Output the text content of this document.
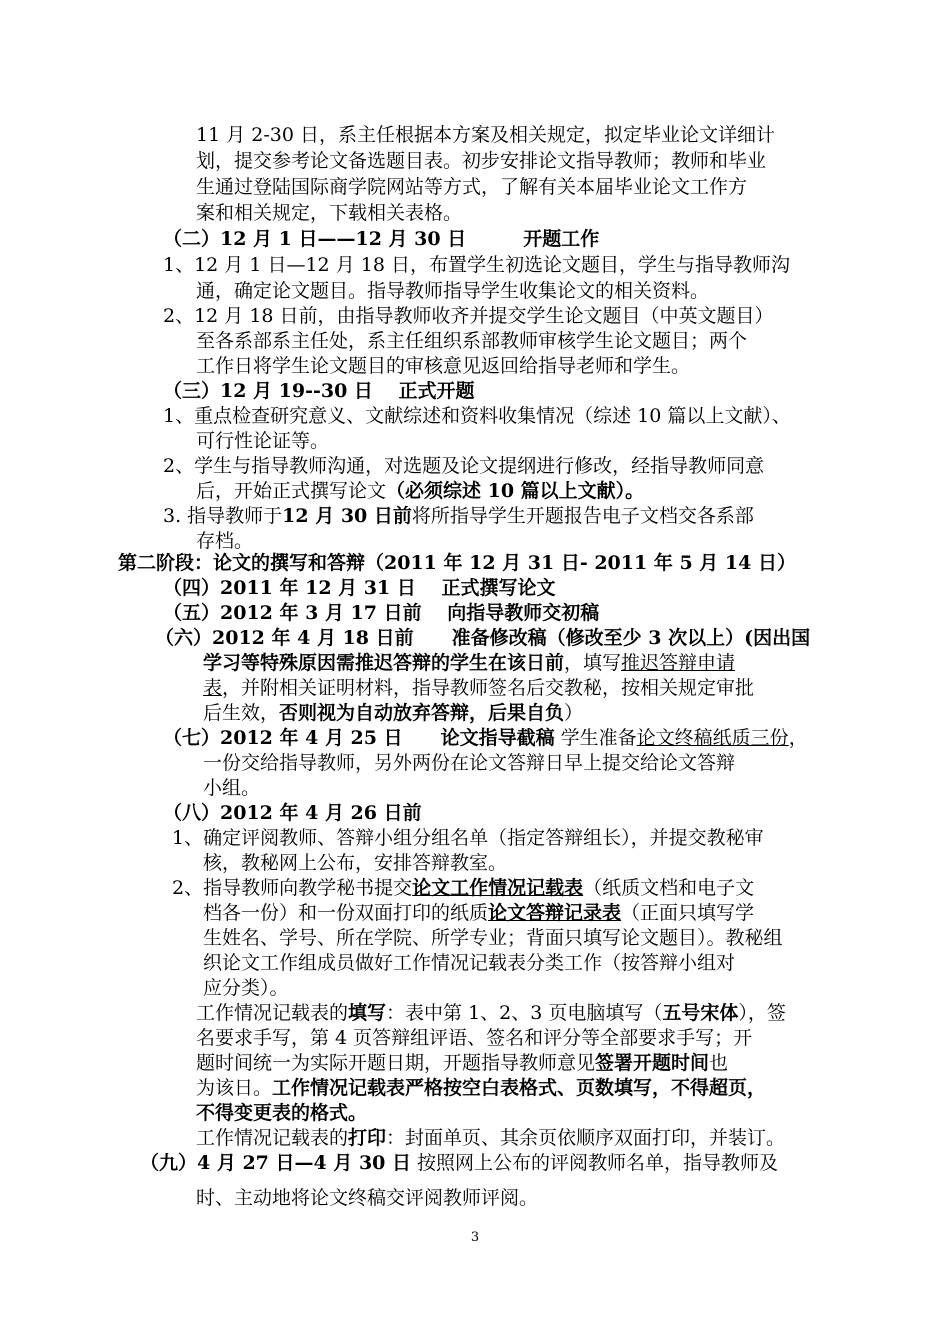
11 月 2-30 日，系主任根据本方案及相关规定，拟定毕业论文详细计
划，提交参考论文备选题目表。初步安排论文指导教师；教师和毕业
生通过登陆国际商学院网站等方式，了解有关本届毕业论文工作方
案和相关规定，下载相关表格。
（二）12 月 1 日——12 月 30 日　　　开题工作
1、12 月 1 日—12 月 18 日，布置学生初选论文题目，学生与指导教师沟
通，确定论文题目。指导教师指导学生收集论文的相关资料。
2、12 月 18 日前，由指导教师收齐并提交学生论文题目（中英文题目）
至各系部系主任处，系主任组织系部教师审核学生论文题目；两个
工作日将学生论文题目的审核意见返回给指导老师和学生。
（三）12 月 19--30 日　 正式开题
1、重点检查研究意义、文献综述和资料收集情况（综述 10 篇以上文献）、
可行性论证等。
2、学生与指导教师沟通，对选题及论文提纲进行修改，经指导教师同意
后，开始正式撰写论文（必须综述 10 篇以上文献）。
3. 指导教师于12 月 30 日前将所指导学生开题报告电子文档交各系部
存档。
第二阶段：论文的撰写和答辩（2011 年 12 月 31 日- 2011 年 5 月 14 日）
（四）2011 年 12 月 31 日　 正式撰写论文
（五）2012 年 3 月 17 日前　 向指导教师交初稿
（六）2012 年 4 月 18 日前　　准备修改稿（修改至少 3 次以上）(因出国
学习等特殊原因需推迟答辩的学生在该日前，填写推迟答辩申请
表，并附相关证明材料，指导教师签名后交教秘，按相关规定审批
后生效，否则视为自动放弃答辩，后果自负）
（七）2012 年 4 月 25 日　　论文指导截稿 学生准备论文终稿纸质三份，
一份交给指导教师，另外两份在论文答辩日早上提交给论文答辩
小组。
（八）2012 年 4 月 26 日前
1、确定评阅教师、答辩小组分组名单（指定答辩组长），并提交教秘审
核，教秘网上公布，安排答辩教室。
2、指导教师向教学秘书提交论文工作情况记载表（纸质文档和电子文
档各一份）和一份双面打印的纸质论文答辩记录表（正面只填写学
生姓名、学号、所在学院、所学专业；背面只填写论文题目）。教秘组
织论文工作组成员做好工作情况记载表分类工作（按答辩小组对
应分类）。
工作情况记载表的填写：表中第 1、2、3 页电脑填写（五号宋体），签
名要求手写，第 4 页答辩组评语、签名和评分等全部要求手写；开
题时间统一为实际开题日期，开题指导教师意见签署开题时间也
为该日。工作情况记载表严格按空白表格式、页数填写，不得超页，
不得变更表的格式。
工作情况记载表的打印：封面单页、其余页依顺序双面打印，并装订。
（九）4 月 27 日—4 月 30 日 按照网上公布的评阅教师名单，指导教师及
时、主动地将论文终稿交评阅教师评阅。
3
